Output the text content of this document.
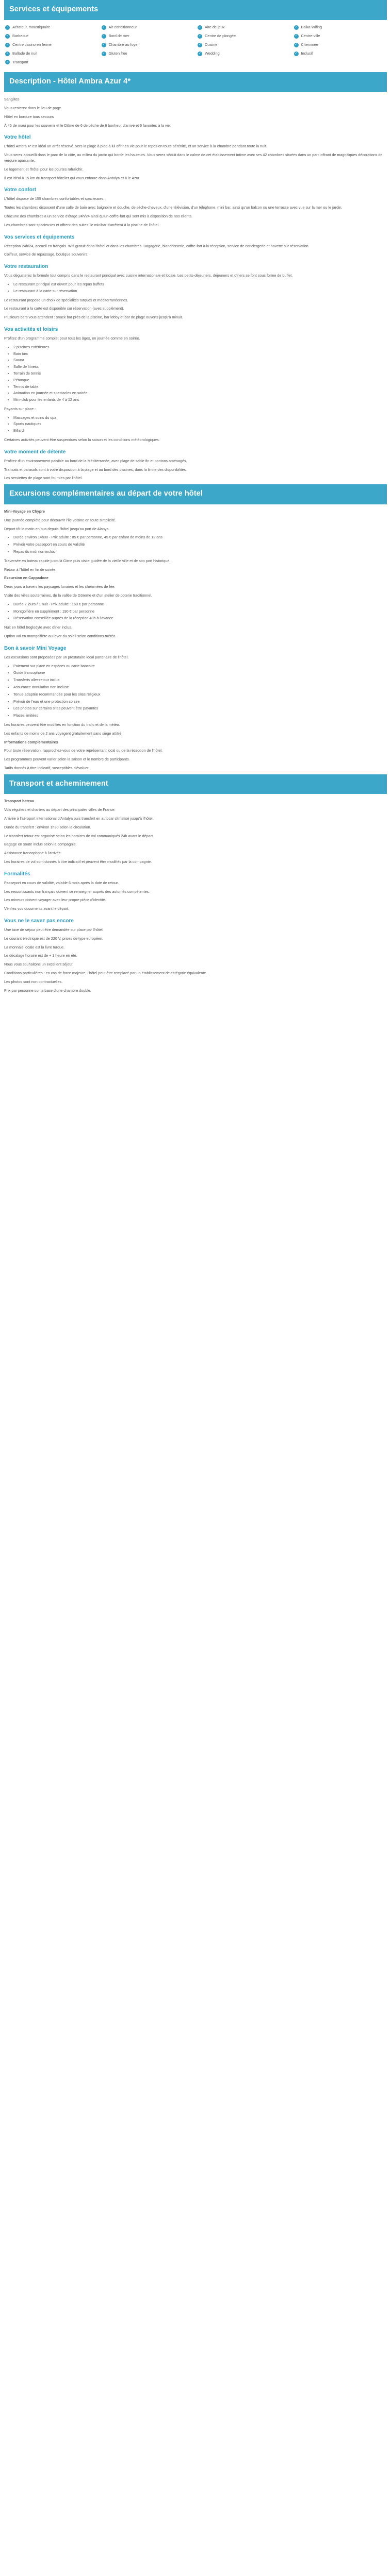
Services et équipements
✓ Aérateur, moustiquaire	✓ Air conditionneur	✓ Aire de jeux	✓ Balka Wifing
✓ Barbecue	✓ Bord de mer	✓ Centre de plongée	✓ Centre-ville
✓ Centre casino en ferme	✓ Chambre au foyer	✓ Cuisine	✓ Cheminée
✓ Ballade de nuit	✓ Gluten free	✓ Wedding	✓ Inclusif
✓ Transport
Description - Hôtel Ambra Azur 4*

Sanglites

Vous resterez dans le lieu de page.

Hôtel en bordure tous secours

À 45 de maui pour les souvenir et le Dôme de 6 de pêche de 6 bonheur d'arrivé et 6 favorites à la vie.

Votre hôtel

L'hôtel Ambra 4* est idéal un arrêt réservé, vers la plage à pied à lui offrir en vie pour le repos en toute sérénité, et un service à la chambre pendant toute la nuit.

Vous serez accueilli dans le parc de la côte, au milieu du jardin qui borde les hauteurs. Vous serez séduit dans le calme de cet établissement intime avec ses 42 chambres situées dans un parc offrant de magnifiques décorations de verdure apaisante.

Le logement et l'hôtel pour les courtes rafraîchir.

Il est idéal à 15 km du transport hôtelier qui vous entoure dans Antalya et à le Azur.

Votre confort

L'hôtel dispose de 155 chambres confortables et spacieuses.

Toutes les chambres disposent d'une salle de bain avec baignoire et douche, de sèche-cheveux, d'une télévision, d'un téléphone, mini bar, ainsi qu'un balcon ou une terrasse avec vue sur la mer ou le jardin.

Chacune des chambres a un service d'étage 24h/24 ainsi qu'un coffre-fort qui sont mis à disposition de nos clients.

Les chambres sont spacieuses et offrent des suites, le minibar s'arrêtera à la piscine de l'hôtel.

Vos services et équipements

Réception 24h/24, accueil en français. Wifi gratuit dans l'hôtel et dans les chambres. Bagagerie, blanchisserie, coffre-fort à la réception, service de conciergerie et navette sur réservation.

Coiffeur, service de repassage, boutique souvenirs.

Votre restauration

Vous dégusterez la formule tout compris dans le restaurant principal avec cuisine internationale et locale. Les petits-déjeuners, déjeuners et dîners se font sous forme de buffet.

• Le restaurant principal est ouvert pour les repas buffets
• Le restaurant à la carte sur réservation

Le restaurant propose un choix de spécialités turques et méditerranéennes.

Le restaurant à la carte est disponible sur réservation (avec supplément).

Plusieurs bars vous attendent : snack bar près de la piscine, bar lobby et bar de plage ouverts jusqu'à minuit.

Vos activités et loisirs

Profitez d'un programme complet pour tous les âges, en journée comme en soirée.

• 2 piscines extérieures
• Bain turc
• Sauna
• Salle de fitness
• Terrain de tennis
• Pétanque
• Tennis de table
• Animation en journée et spectacles en soirée
• Mini-club pour les enfants de 4 à 12 ans

Payants sur place :

• Massages et soins du spa
• Sports nautiques
• Billard

Certaines activités peuvent être suspendues selon la saison et les conditions météorologiques.

Votre moment de détente

Profitez d'un environnement paisible au bord de la Méditerranée, avec plage de sable fin et pontons aménagés.

Transats et parasols sont à votre disposition à la plage et au bord des piscines, dans la limite des disponibilités.

Les serviettes de plage sont fournies par l'hôtel.

Excursions complémentaires au départ de votre hôtel

Mini-Voyage en Chypre

Une journée complète pour découvrir l'île voisine en toute simplicité.

Départ tôt le matin en bus depuis l'hôtel jusqu'au port de Alanya.

• Durée environ 14h00 - Prix adulte : 85 € par personne, 45 € par enfant de moins de 12 ans
• Prévoir votre passeport en cours de validité
• Repas du midi non inclus

Traversée en bateau rapide jusqu'à Girne puis visite guidée de la vieille ville et de son port historique.

Retour à l'hôtel en fin de soirée.

Excursion en Cappadoce

Deux jours à travers les paysages lunaires et les cheminées de fée.

Visite des villes souterraines, de la vallée de Göreme et d'un atelier de poterie traditionnel.

• Durée 2 jours / 1 nuit - Prix adulte : 160 € par personne
• Montgolfière en supplément : 190 € par personne
• Réservation conseillée auprès de la réception 48h à l'avance

Nuit en hôtel troglodyte avec dîner inclus.

Option vol en montgolfière au lever du soleil selon conditions météo.

Bon à savoir Mini Voyage

Les excursions sont proposées par un prestataire local partenaire de l'hôtel.

• Paiement sur place en espèces ou carte bancaire
• Guide francophone
• Transferts aller-retour inclus
• Assurance annulation non incluse
• Tenue adaptée recommandée pour les sites religieux
• Prévoir de l'eau et une protection solaire
• Les photos sur certains sites peuvent être payantes
• Places limitées

Les horaires peuvent être modifiés en fonction du trafic et de la météo.

Les enfants de moins de 2 ans voyagent gratuitement sans siège attitré.

Informations complémentaires

Pour toute réservation, rapprochez-vous de votre représentant local ou de la réception de l'hôtel.

Les programmes peuvent varier selon la saison et le nombre de participants.

Tarifs donnés à titre indicatif, susceptibles d'évoluer.

Transport et acheminement

Transport bateau

Vols réguliers et charters au départ des principales villes de France.

Arrivée à l'aéroport international d'Antalya puis transfert en autocar climatisé jusqu'à l'hôtel.

Durée du transfert : environ 1h30 selon la circulation.

Le transfert retour est organisé selon les horaires de vol communiqués 24h avant le départ.

Bagage en soute inclus selon la compagnie.

Assistance francophone à l'arrivée.

Les horaires de vol sont donnés à titre indicatif et peuvent être modifiés par la compagnie.

Formalités

Passeport en cours de validité, valable 6 mois après la date de retour.

Les ressortissants non français doivent se renseigner auprès des autorités compétentes.

Les mineurs doivent voyager avec leur propre pièce d'identité.

Vérifiez vos documents avant le départ.

Vous ne le savez pas encore

Une taxe de séjour peut être demandée sur place par l'hôtel.

Le courant électrique est de 220 V, prises de type européen.

La monnaie locale est la livre turque.

Le décalage horaire est de + 1 heure en été.

Nous vous souhaitons un excellent séjour.

Conditions particulières : en cas de force majeure, l'hôtel peut être remplacé par un établissement de catégorie équivalente.

Les photos sont non contractuelles.

Prix par personne sur la base d'une chambre double.
